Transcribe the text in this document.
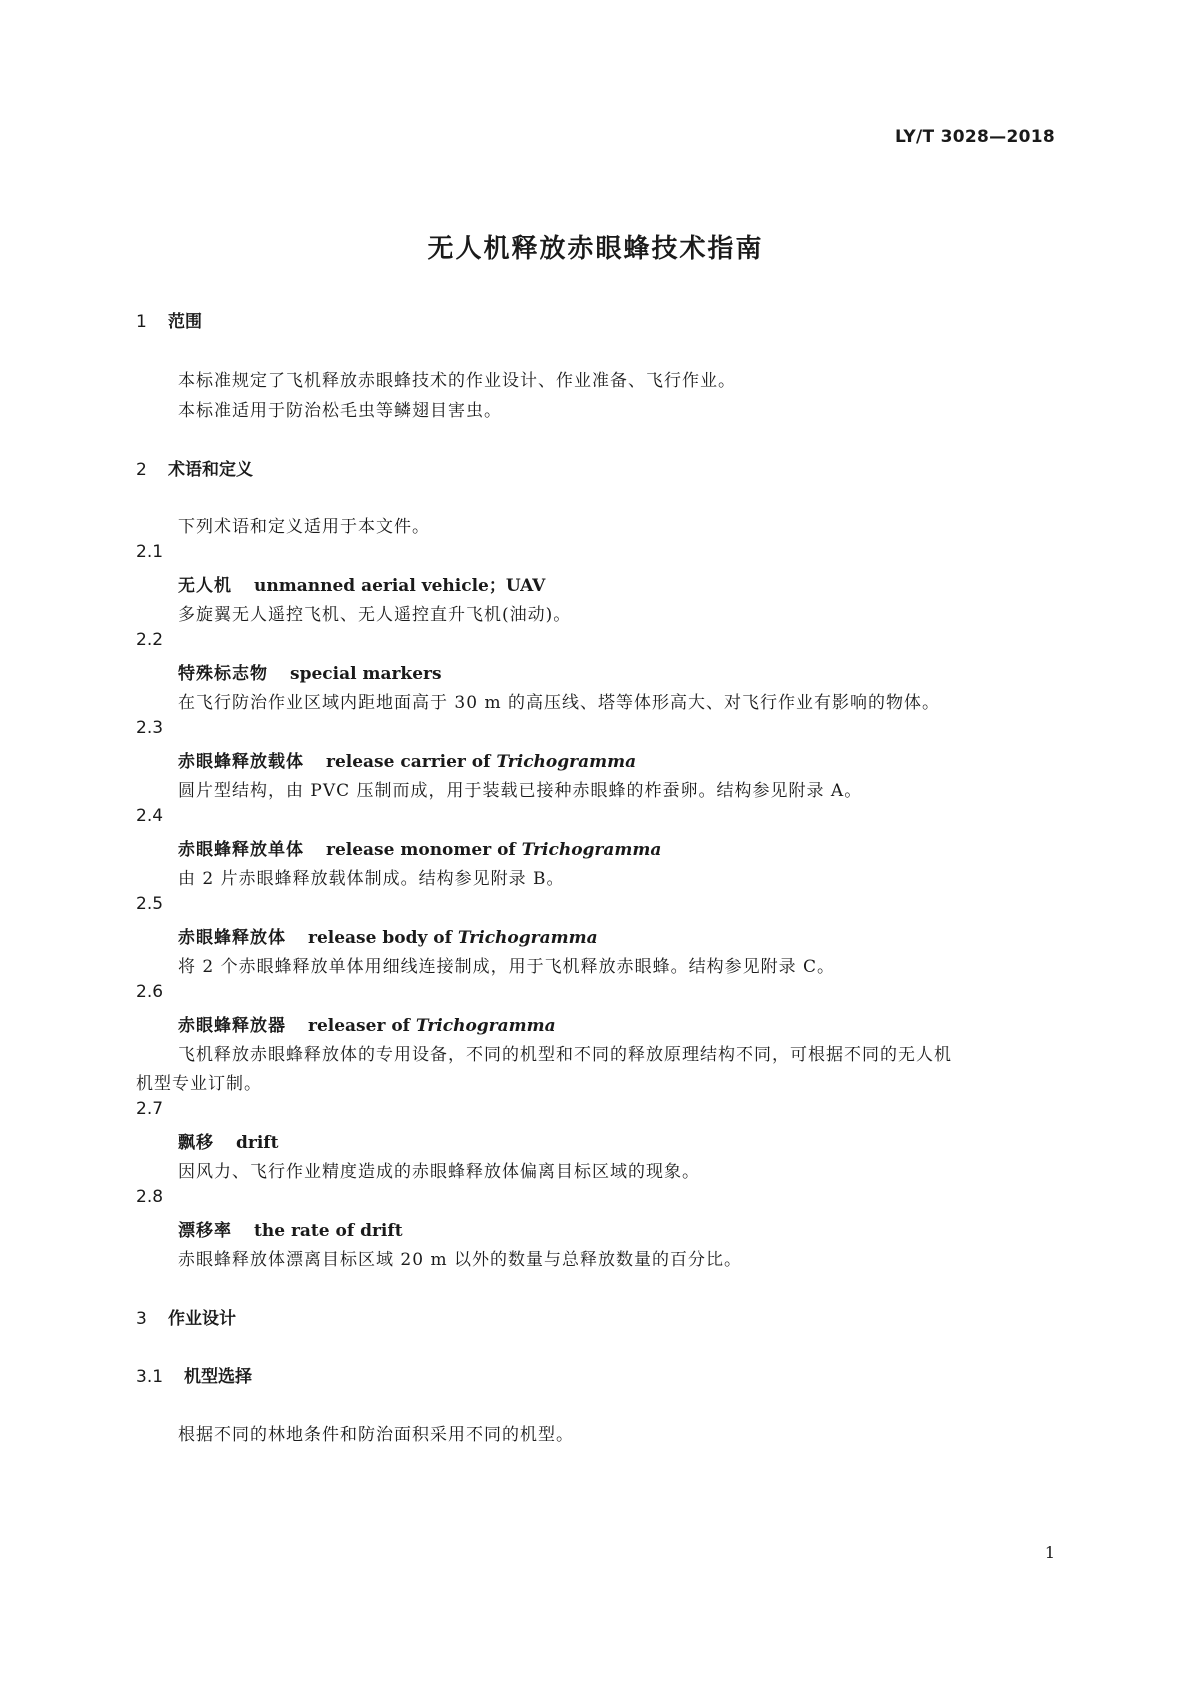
LY/T 3028—2018
无人机释放赤眼蜂技术指南
1 范围
本标准规定了飞机释放赤眼蜂技术的作业设计、作业准备、飞行作业。
本标准适用于防治松毛虫等鳞翅目害虫。
2 术语和定义
下列术语和定义适用于本文件。
2.1
无人机 unmanned aerial vehicle；UAV
多旋翼无人遥控飞机、无人遥控直升飞机(油动)。
2.2
特殊标志物 special markers
在飞行防治作业区域内距地面高于 30 m 的高压线、塔等体形高大、对飞行作业有影响的物体。
2.3
赤眼蜂释放载体 release carrier of Trichogramma
圆片型结构，由 PVC 压制而成，用于装载已接种赤眼蜂的柞蚕卵。结构参见附录 A。
2.4
赤眼蜂释放单体 release monomer of Trichogramma
由 2 片赤眼蜂释放载体制成。结构参见附录 B。
2.5
赤眼蜂释放体 release body of Trichogramma
将 2 个赤眼蜂释放单体用细线连接制成，用于飞机释放赤眼蜂。结构参见附录 C。
2.6
赤眼蜂释放器 releaser of Trichogramma
飞机释放赤眼蜂释放体的专用设备，不同的机型和不同的释放原理结构不同，可根据不同的无人机
机型专业订制。
2.7
飘移 drift
因风力、飞行作业精度造成的赤眼蜂释放体偏离目标区域的现象。
2.8
漂移率 the rate of drift
赤眼蜂释放体漂离目标区域 20 m 以外的数量与总释放数量的百分比。
3 作业设计
3.1 机型选择
根据不同的林地条件和防治面积采用不同的机型。
1
